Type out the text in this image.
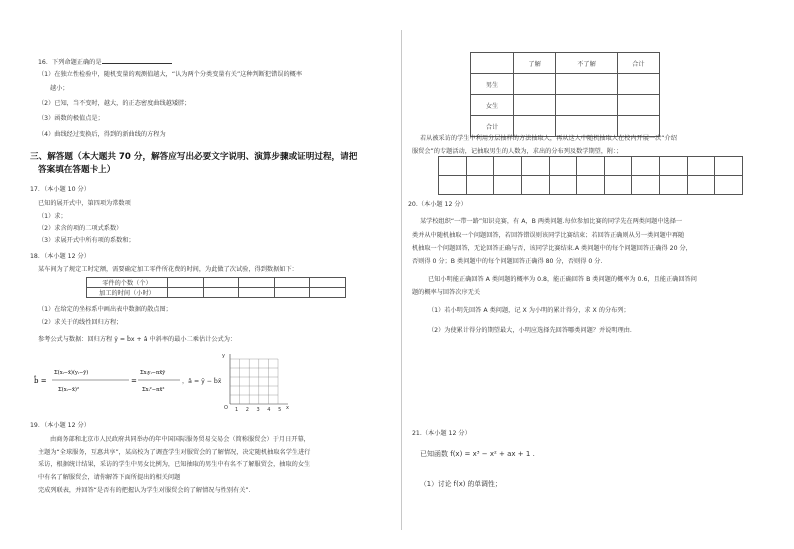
16．下列命题正确的是
（1）在独立性检验中，随机变量的观测值越大，“认为两个分类变量有关”这种判断犯错误的概率
越小；
（2）已知，当不变时，越大，的正态密度曲线越矮胖；
（3）函数的极值点是；
（4）曲线经过变换后，得到的新曲线的方程为
三、解答题（本大题共 70 分，解答应写出必要文字说明、演算步骤或证明过程，请把
答案填在答题卡上）
17．（本小题 10 分）
已知的展开式中，第四项为常数项
（1）求；
（2）求含的项的二项式系数）
（3）求展开式中所有项的系数和；
18．（本小题 12 分）
某车间为了规定工时定额，需要确定加工零件所花费的时间，为此做了次试验，得到数据如下：
零件的个数（个）					
加工的时间（小时）					
（1）在给定的坐标系中画出表中数据的散点图；
（2）求关于的线性回归方程；
参考公式与数据：回归方程 ŷ = b̂x + â 中斜率的最小二乘估计公式为：
b̂ =
Σ(xᵢ−x̄)(yᵢ−ȳ)
Σ(xᵢ−x̄)²
=
Σxᵢyᵢ−nx̄ȳ
Σxᵢ²−nx̄²
，â = ȳ − b̂x̄
y
O 1 2 3 4 5 x
19．（本小题 12 分）
由商务部和北京市人民政府共同举办的年中国国际服务贸易交易会（简称服贸会）于月日开幕，
主题为“全球服务，互惠共享”，某高校为了调查学生对服贸会的了解情况，决定随机抽取名学生进行
采访，根据统计结果，采访的学生中男女比例为，已知抽取的男生中有名不了解服贸会，抽取的女生
中有名了解服贸会，请你解答下面所提出的相关问题
完成列联表，并回答“是否有的把握认为学生对服贸会的了解情况与性别有关”．
	了解	不了解	合计
男生			
女生			
合计			
若从被采访的学生中利用分层抽样的方法抽取人，再从这人中随机抽取人在校内开展一次“介绍
服贸会”的专题活动，记抽取男生的人数为，求出的分布列及数学期望，附：；

20.（本小题 12 分）
某学校组织“一带一路”知识竞赛，有 A，B 两类问题.每位参加比赛的同学先在两类问题中选择一
类并从中随机抽取一个问题回答，若回答错误则该同学比赛结束；若回答正确则从另一类问题中再随
机抽取一个问题回答，无论回答正确与否，该同学比赛结束.A 类问题中的每个问题回答正确得 20 分，
否则得 0 分；B 类问题中的每个问题回答正确得 80 分，否则得 0 分.
已知小明能正确回答 A 类问题的概率为 0.8，能正确回答 B 类问题的概率为 0.6，且能正确回答问
题的概率与回答次序无关
（1）若小明先回答 A 类问题，记 X 为小明的累计得分，求 X 的分布列；
（2）为使累计得分的期望最大，小明应选择先回答哪类问题？并说明理由.
21.（本小题 12 分）
已知函数 f(x) = x³ − x² + ax + 1 .
（1）讨论 f(x) 的单调性；
